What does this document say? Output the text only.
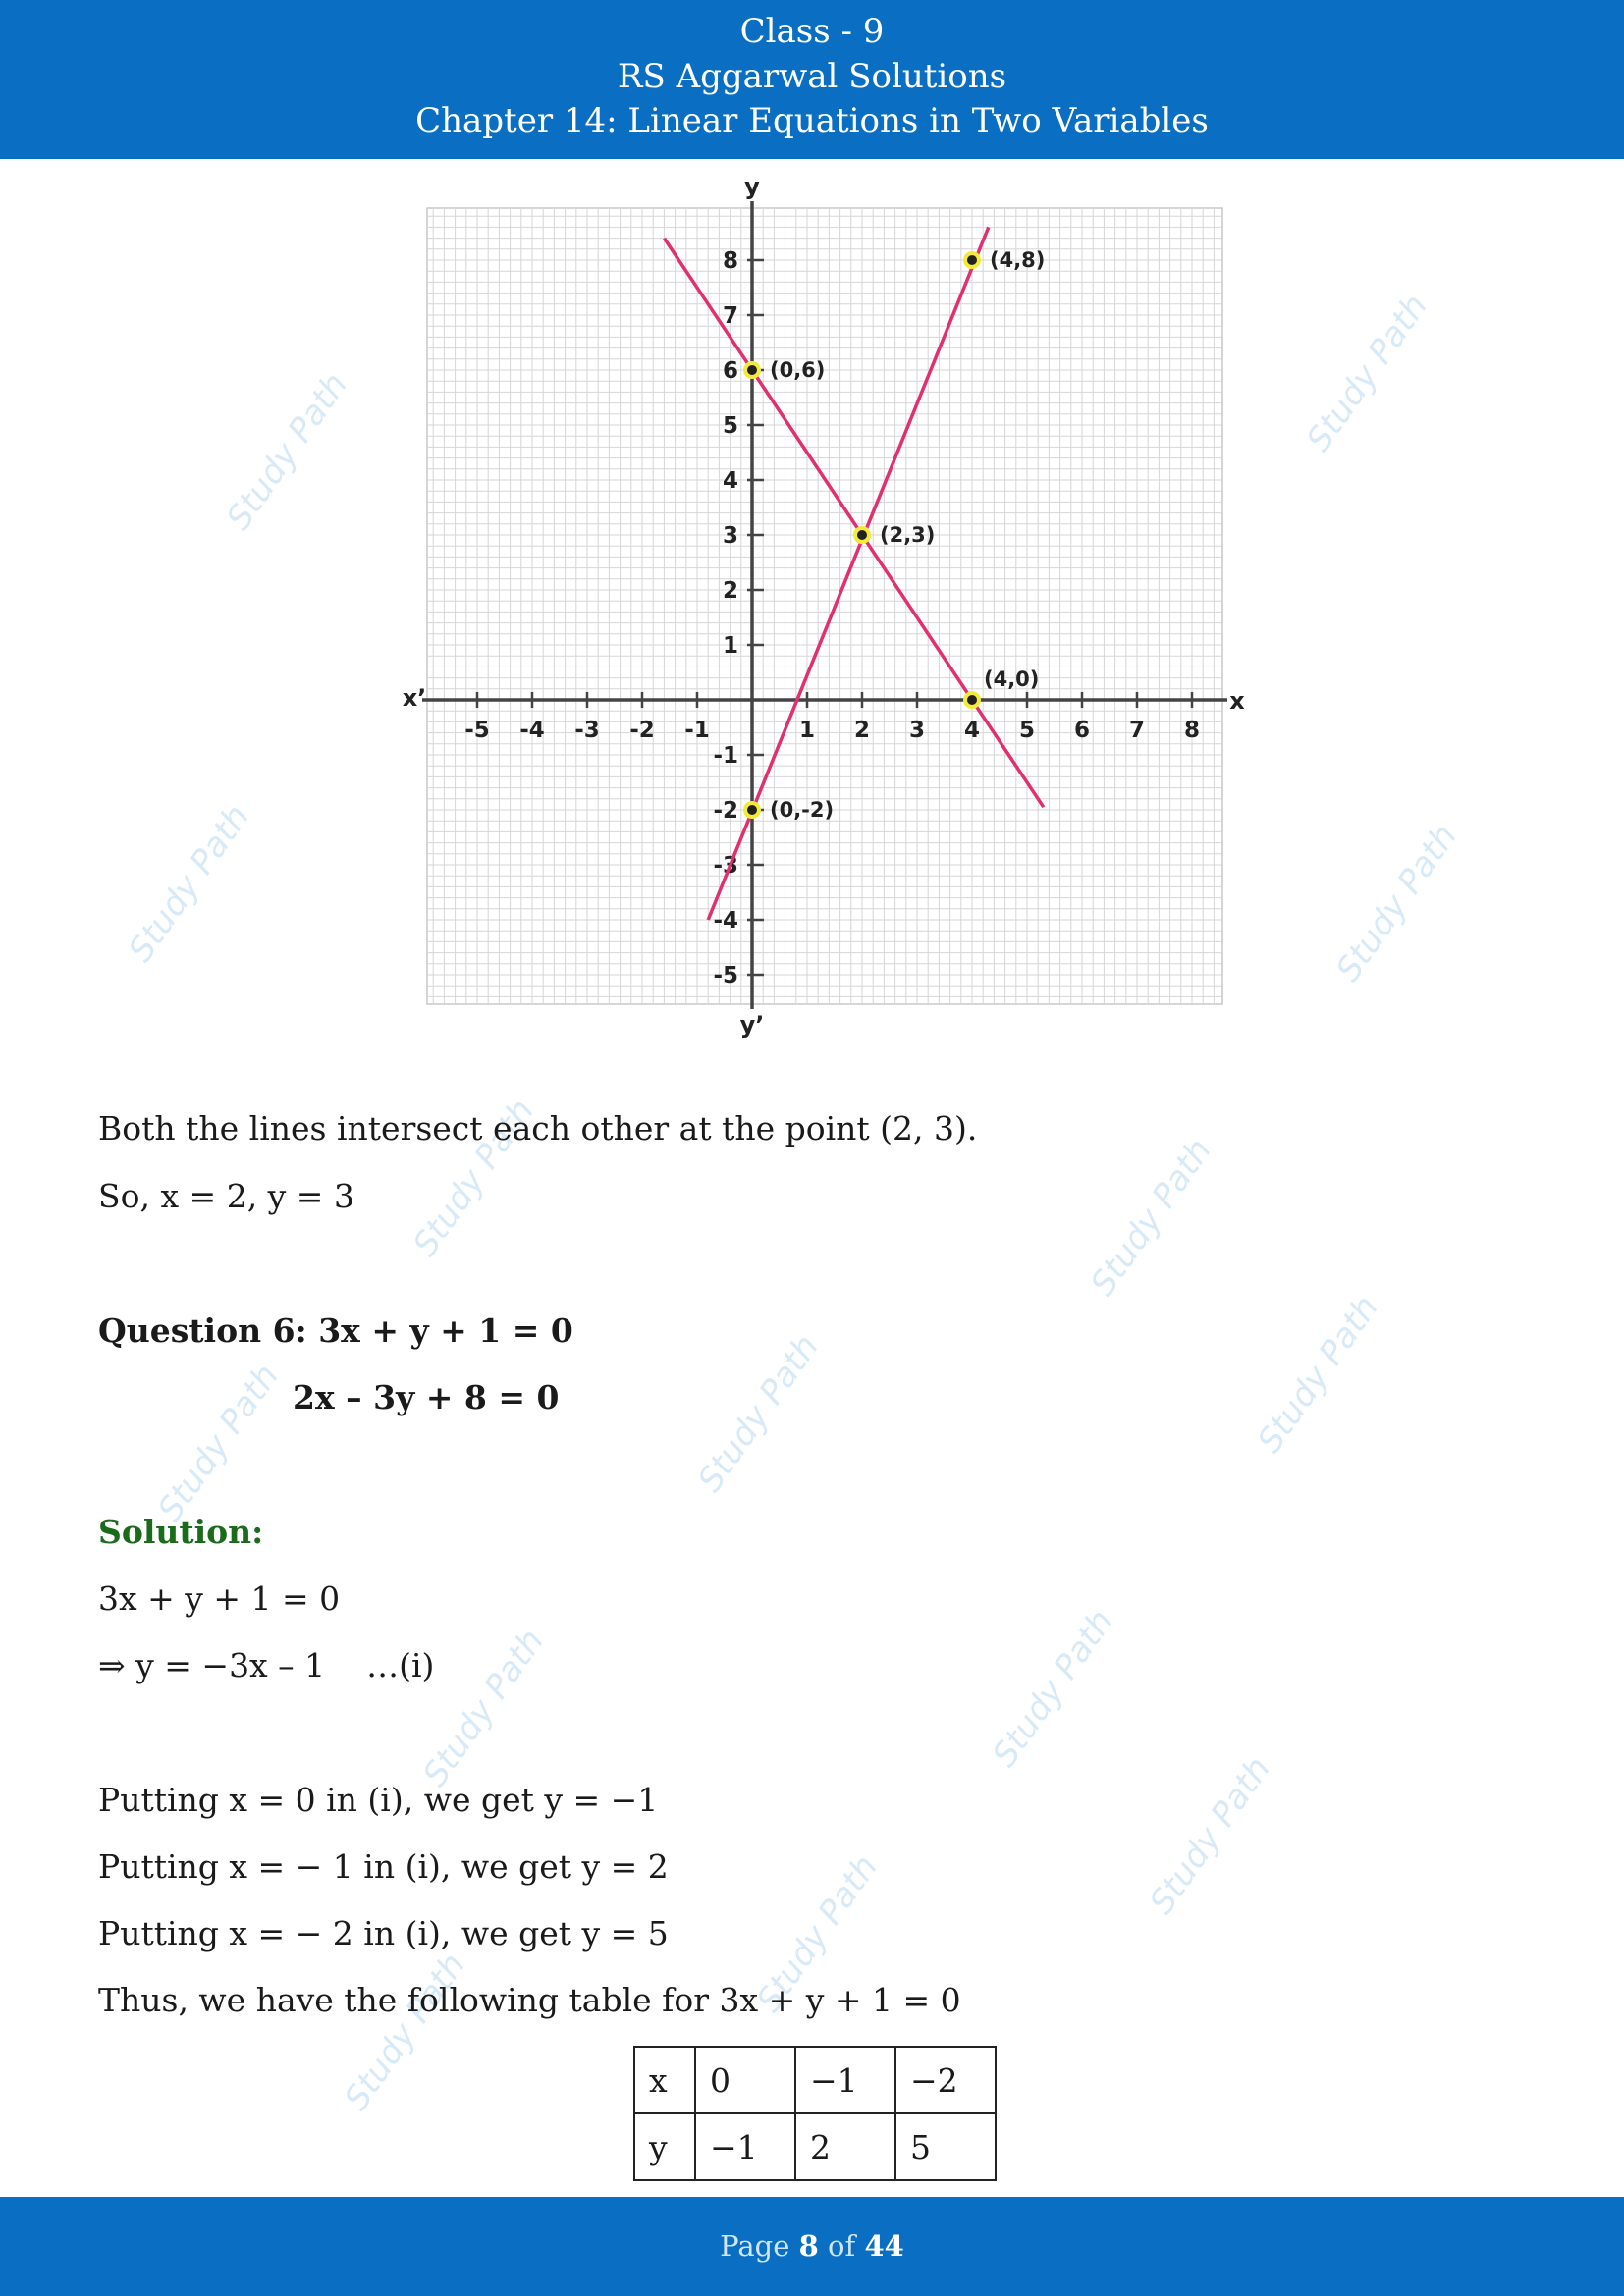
Class - 9
RS Aggarwal Solutions
Chapter 14: Linear Equations in Two Variables
Study Path	Study Path
Study Path	Study Path
Study Path	Study Path
Study Path	Study Path	Study Path
Study Path	Study Path
Study Path
Study Path
Study Path
y
y’
x
x’
-5 -4 -3 -2 -1	1 2 3 4 5 6 7 8
-5
-4
-3
-2
-1
1
2
3
4
5
6
7
8	(4,8)
(0,6)
(2,3)
(4,0)
(0,-2)
Both the lines intersect each other at the point (2, 3).
So, x = 2, y = 3
Question 6: 3x + y + 1 = 0
2x – 3y + 8 = 0
Solution:
3x + y + 1 = 0
⇒ y = −3x – 1    …(i)
Putting x = 0 in (i), we get y = −1
Putting x = − 1 in (i), we get y = 2
Putting x = − 2 in (i), we get y = 5
Thus, we have the following table for 3x + y + 1 = 0
x	0	−1	−2
y	−1	2	5
Page 8 of 44
